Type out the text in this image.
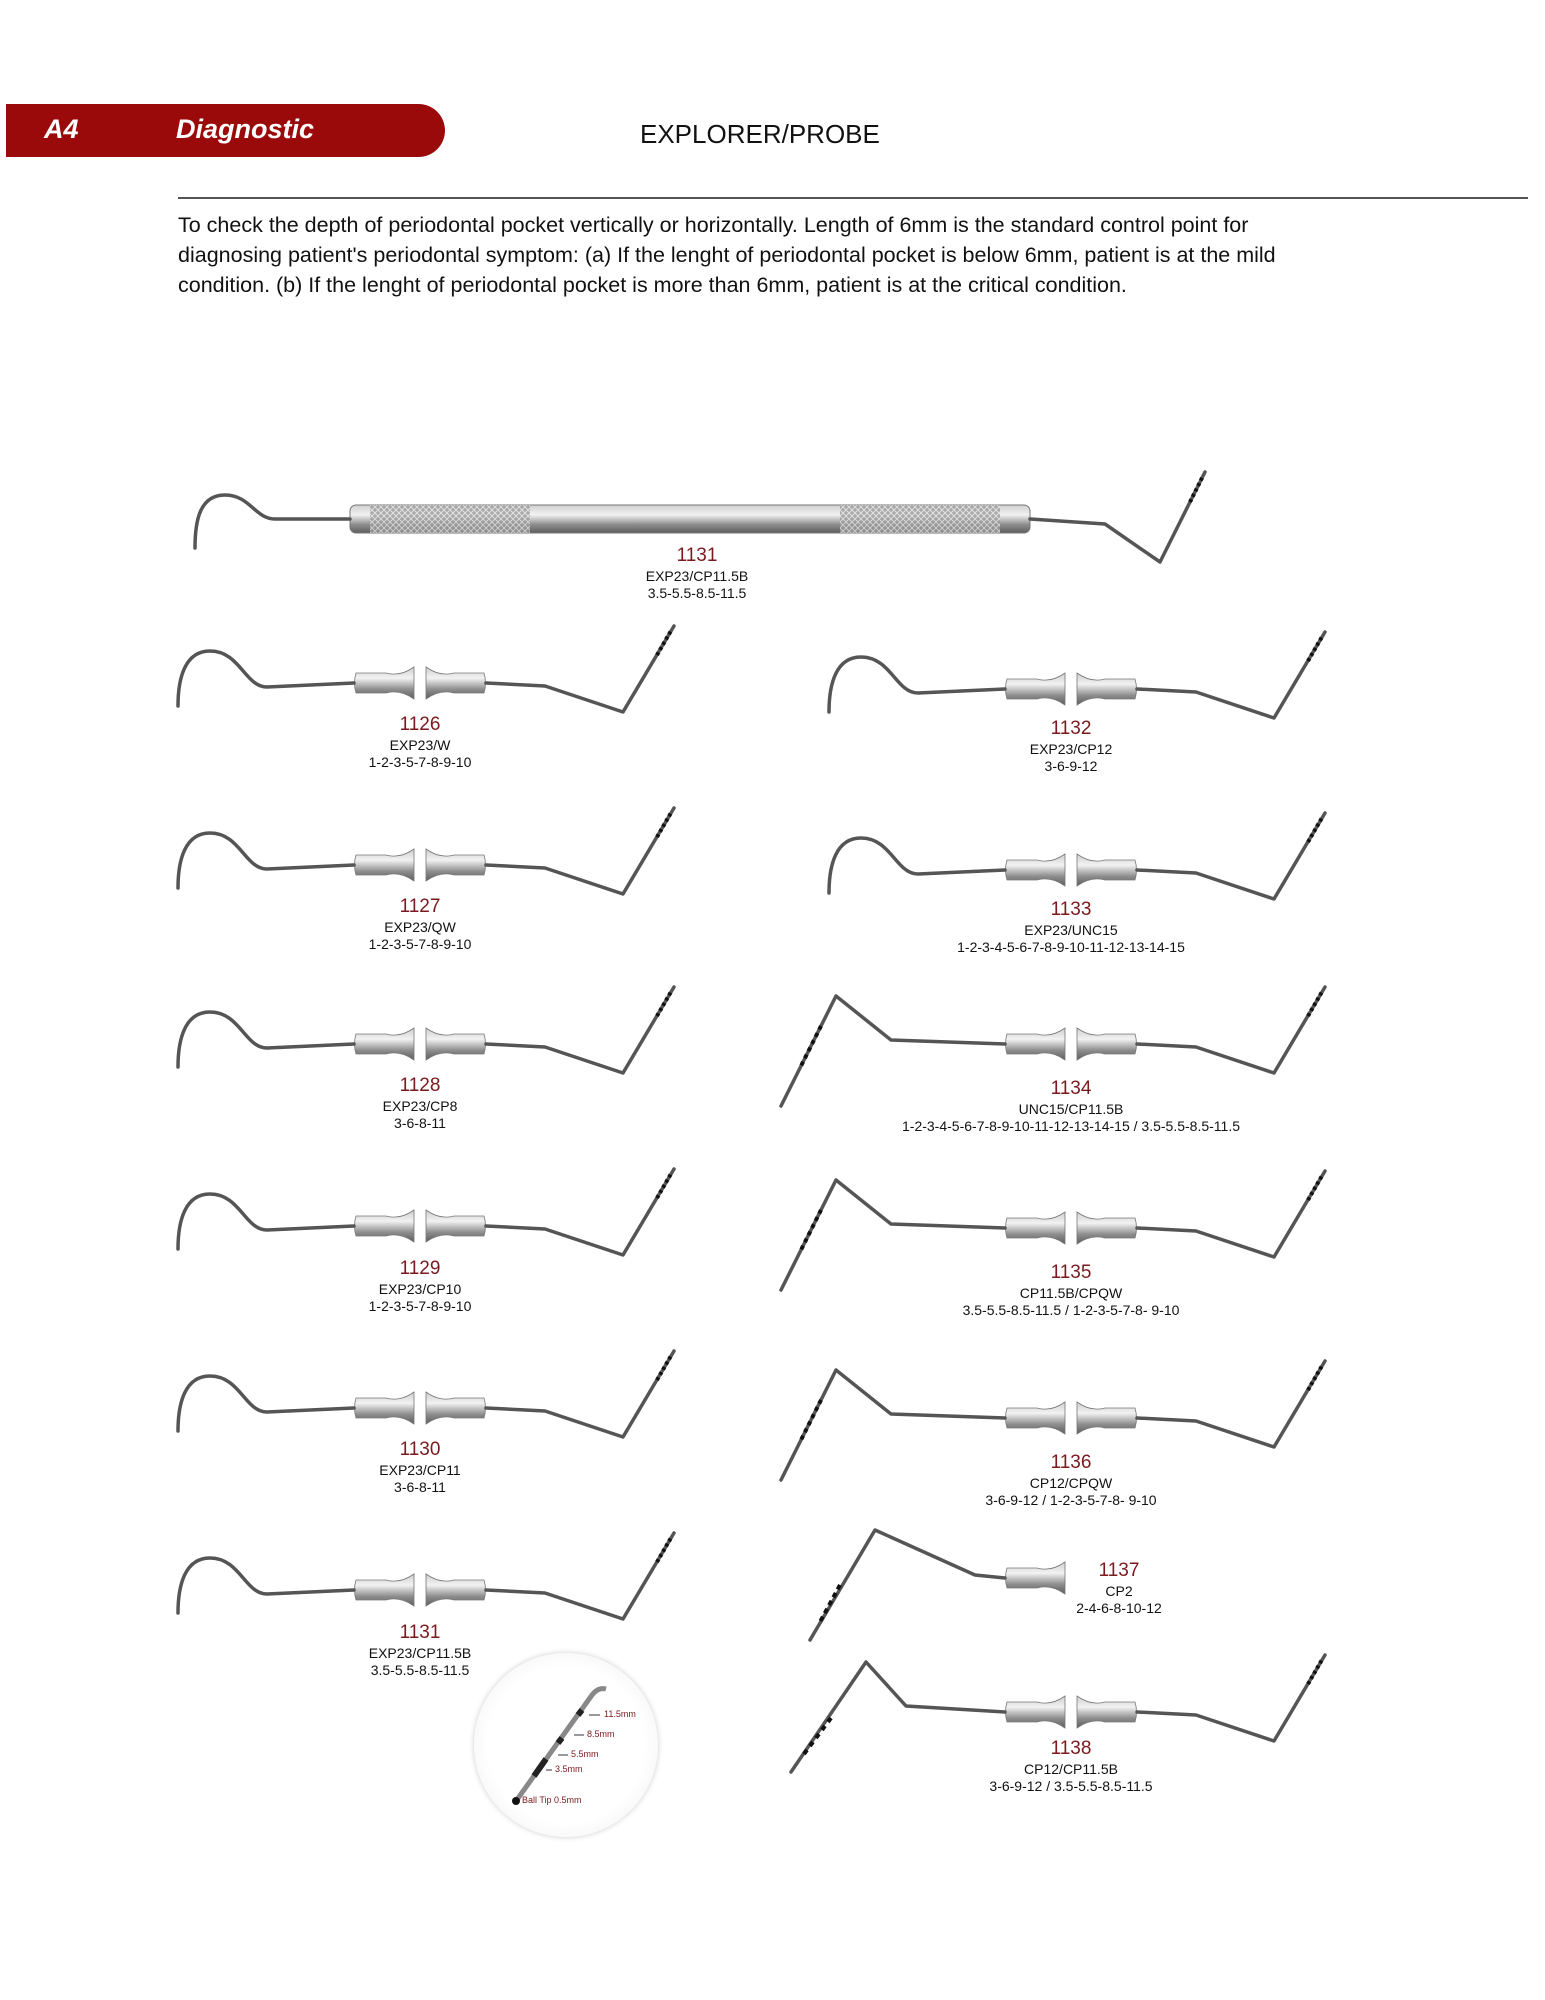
A4	Diagnostic	EXPLORER/PROBE
To check the depth of periodontal pocket vertically or horizontally. Length of 6mm is the standard control point for diagnosing patient's periodontal symptom: (a) If the lenght of periodontal pocket is below 6mm, patient is at the mild condition. (b) If the lenght of periodontal pocket is more than 6mm, patient is at the critical condition.
1131
EXP23/CP11.5B
3.5-5.5-8.5-11.5
1126
EXP23/W
1-2-3-5-7-8-9-10
1127
EXP23/QW
1-2-3-5-7-8-9-10
1128
EXP23/CP8
3-6-8-11
1129
EXP23/CP10
1-2-3-5-7-8-9-10
1130
EXP23/CP11
3-6-8-11
1131
EXP23/CP11.5B
3.5-5.5-8.5-11.5
1132
EXP23/CP12
3-6-9-12
1133
EXP23/UNC15
1-2-3-4-5-6-7-8-9-10-11-12-13-14-15
1134
UNC15/CP11.5B
1-2-3-4-5-6-7-8-9-10-11-12-13-14-15 / 3.5-5.5-8.5-11.5
1135
CP11.5B/CPQW
3.5-5.5-8.5-11.5 / 1-2-3-5-7-8- 9-10
1136
CP12/CPQW
3-6-9-12 / 1-2-3-5-7-8- 9-10
1137
CP2
2-4-6-8-10-12
1138
CP12/CP11.5B
3-6-9-12 / 3.5-5.5-8.5-11.5
11.5mm
8.5mm
5.5mm
3.5mm
Ball Tip 0.5mm
